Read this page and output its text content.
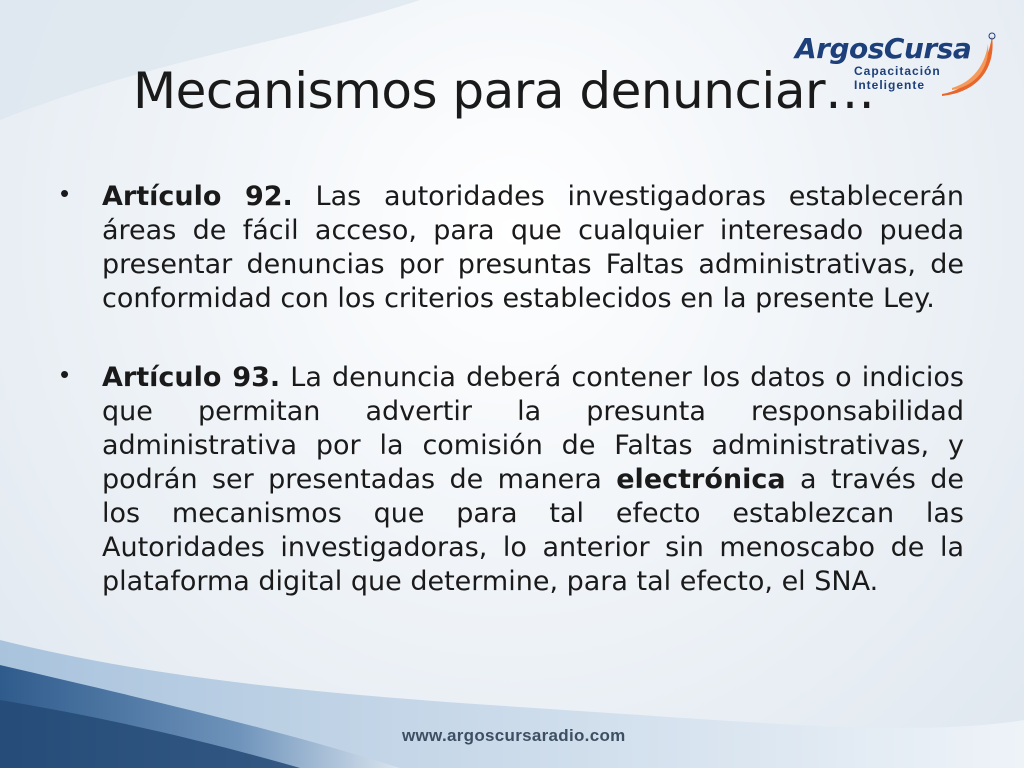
ArgosCursa
Capacitación
Inteligente
Mecanismos para denunciar…
• Artículo 92. Las autoridades investigadoras establecerán áreas de fácil acceso, para que cualquier interesado pueda presentar denuncias por presuntas Faltas administrativas, de conformidad con los criterios establecidos en la presente Ley.

• Artículo 93. La denuncia deberá contener los datos o indicios que permitan advertir la presunta responsabilidad administrativa por la comisión de Faltas administrativas, y podrán ser presentadas de manera electrónica a través de los mecanismos que para tal efecto establezcan las Autoridades investigadoras, lo anterior sin menoscabo de la plataforma digital que determine, para tal efecto, el SNA.

www.argoscursaradio.com
